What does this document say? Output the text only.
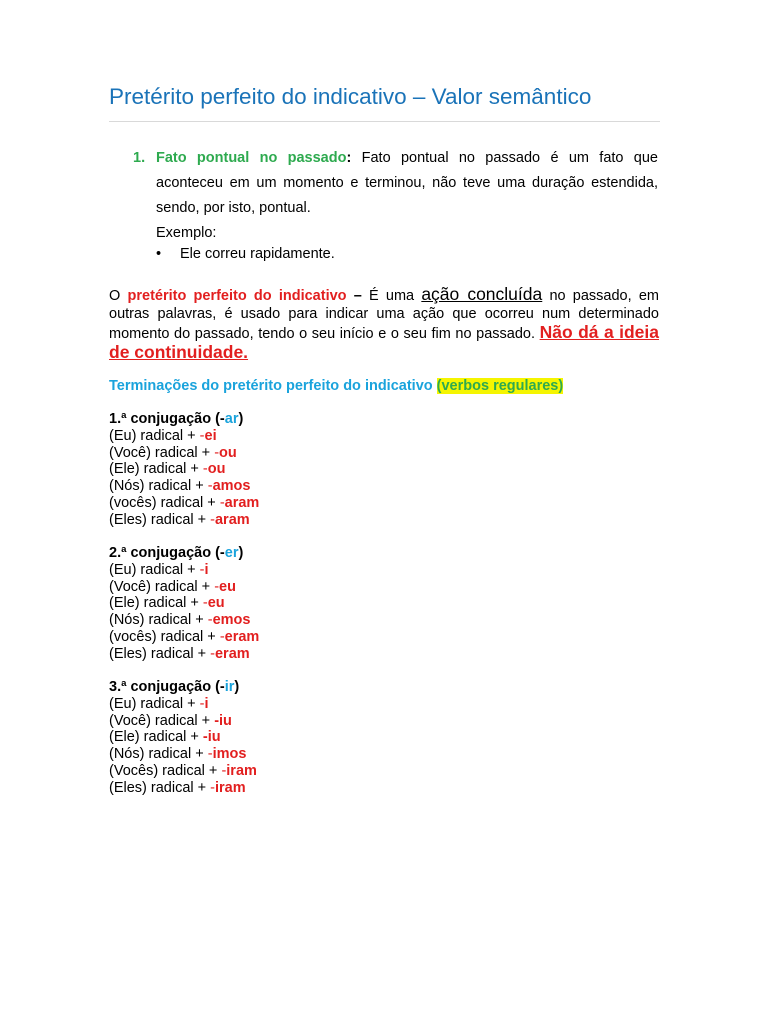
Pretérito perfeito do indicativo – Valor semântico
1. Fato pontual no passado: Fato pontual no passado é um fato que aconteceu em um momento e terminou, não teve uma duração estendida, sendo, por isto, pontual.
Exemplo:
• Ele correu rapidamente.
O pretérito perfeito do indicativo – É uma ação concluída no passado, em outras palavras, é usado para indicar uma ação que ocorreu num determinado momento do passado, tendo o seu início e o seu fim no passado. Não dá a ideia de continuidade.
Terminações do pretérito perfeito do indicativo (verbos regulares)
1.ª conjugação (-ar)
(Eu) radical + -ei
(Você) radical + -ou
(Ele) radical + -ou
(Nós) radical + -amos
(vocês) radical + -aram
(Eles) radical + -aram
2.ª conjugação (-er)
(Eu) radical + -i
(Você) radical + -eu
(Ele) radical + -eu
(Nós) radical + -emos
(vocês) radical + -eram
(Eles) radical + -eram
3.ª conjugação (-ir)
(Eu) radical + -i
(Você) radical + -iu
(Ele) radical + -iu
(Nós) radical + -imos
(Vocês) radical + -iram
(Eles) radical + -iram
